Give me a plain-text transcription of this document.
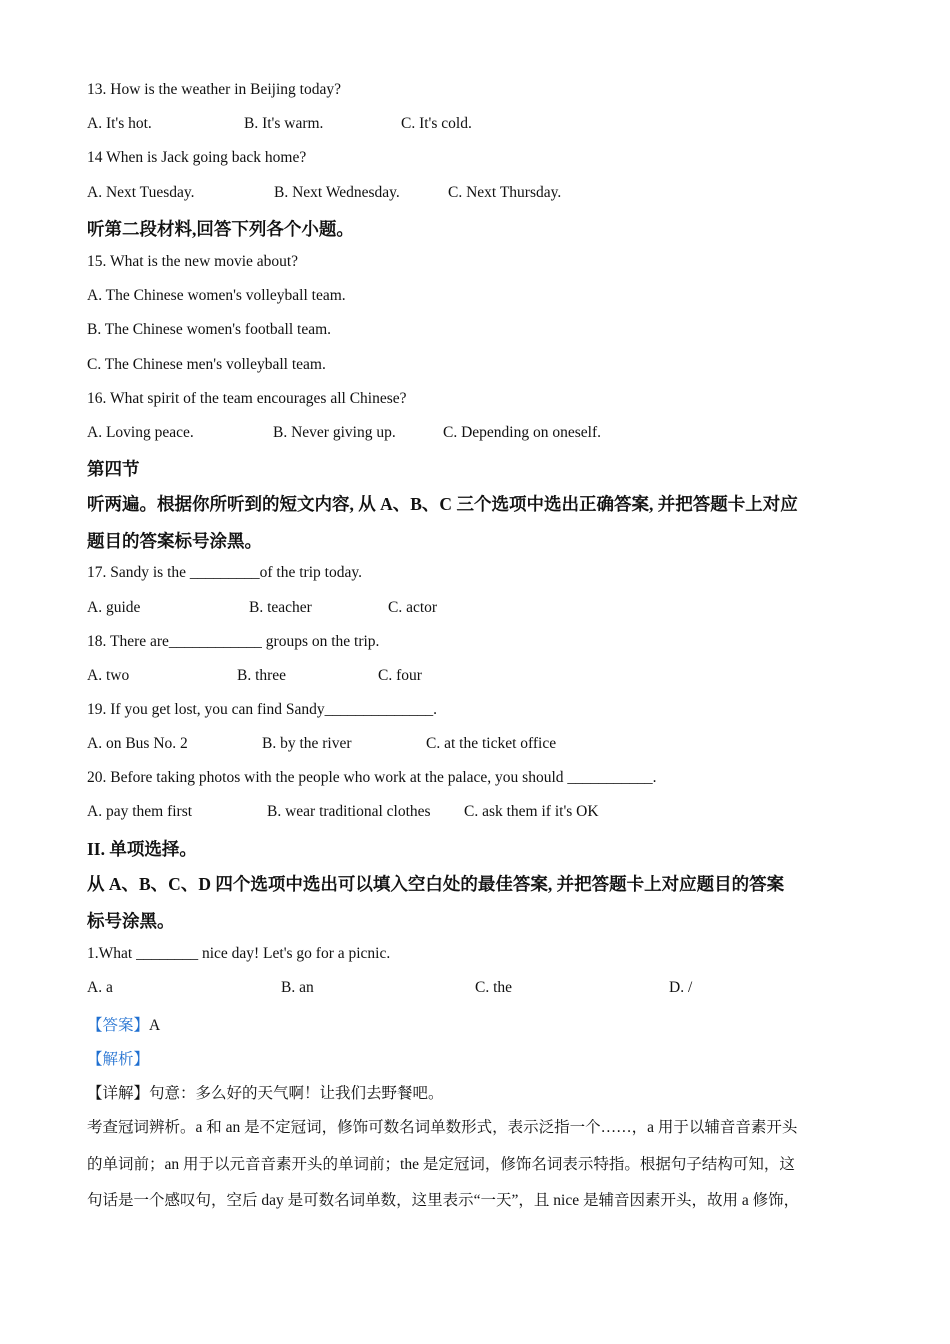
13. How is the weather in Beijing today?
A. It's hot.	B. It's warm.	C. It's cold.
14 When is Jack going back home?
A. Next Tuesday.	B. Next Wednesday.	C. Next Thursday.
听第二段材料,回答下列各个小题。
15. What is the new movie about?
A. The Chinese women's volleyball team.
B. The Chinese women's football team.
C. The Chinese men's volleyball team.
16. What spirit of the team encourages all Chinese?
A. Loving peace.	B. Never giving up.	C. Depending on oneself.
第四节
听两遍。根据你所听到的短文内容, 从 A、B、C 三个选项中选出正确答案, 并把答题卡上对应
题目的答案标号涂黑。
17. Sandy is the _________of the trip today.
A. guide	B. teacher	C. actor
18. There are____________ groups on the trip.
A. two	B. three	C. four
19. If you get lost, you can find Sandy______________.
A. on Bus No. 2	B. by the river	C. at the ticket office
20. Before taking photos with the people who work at the palace, you should ___________.
A. pay them first	B. wear traditional clothes C. ask them if it's OK
II. 单项选择。
从 A、B、C、D 四个选项中选出可以填入空白处的最佳答案, 并把答题卡上对应题目的答案
标号涂黑。
1.What ________ nice day! Let's go for a picnic.
A. a	B. an	C. the	D. /
【答案】A
【解析】
【详解】句意：多么好的天气啊！让我们去野餐吧。
考查冠词辨析。a 和 an 是不定冠词，修饰可数名词单数形式，表示泛指一个……，a 用于以辅音音素开头
的单词前；an 用于以元音音素开头的单词前；the 是定冠词，修饰名词表示特指。根据句子结构可知，这
句话是一个感叹句，空后 day 是可数名词单数，这里表示“一天”，且 nice 是辅音因素开头，故用 a 修饰，
